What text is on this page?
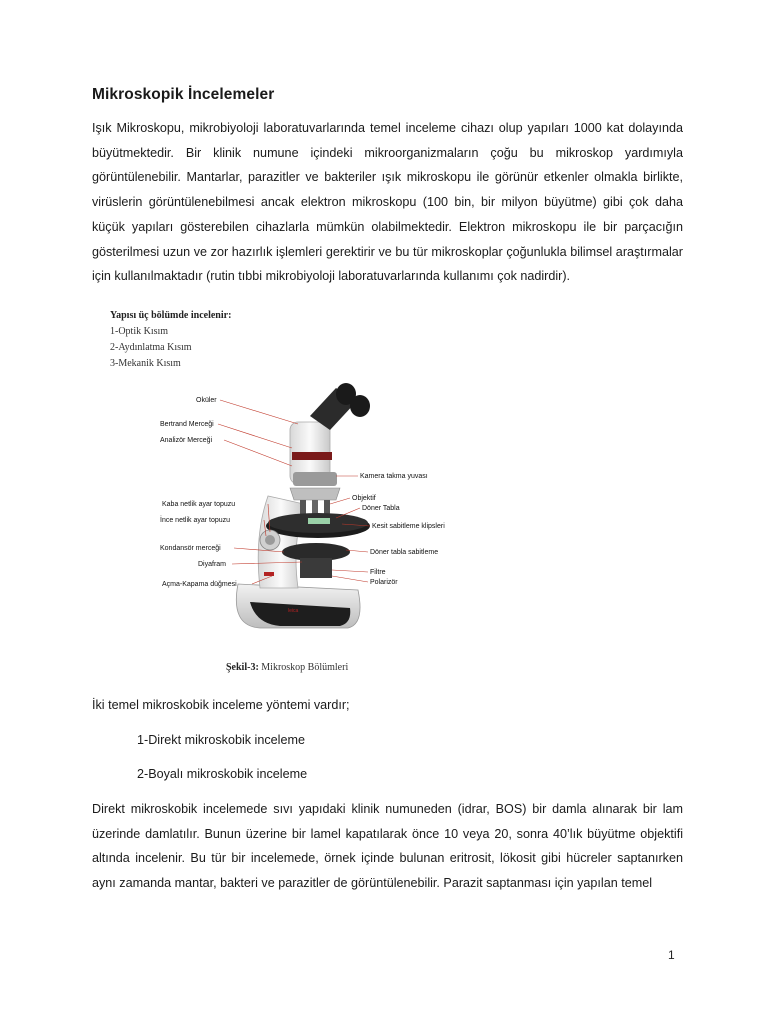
Mikroskopik İncelemeler

Işık Mikroskopu, mikrobiyoloji laboratuvarlarında temel inceleme cihazı olup yapıları 1000 kat dolayında büyütmektedir. Bir klinik numune içindeki mikroorganizmaların çoğu bu mikroskop yardımıyla görüntülenebilir. Mantarlar, parazitler ve bakteriler ışık mikroskopu ile görünür etkenler olmakla birlikte, virüslerin görüntülenebilmesi ancak elektron mikroskopu (100 bin, bir milyon büyütme) gibi çok daha küçük yapıları gösterebilen cihazlarla mümkün olabilmektedir. Elektron mikroskopu ile bir parçacığın gösterilmesi uzun ve zor hazırlık işlemleri gerektirir ve bu tür mikroskoplar çoğunlukla bilimsel araştırmalar için kullanılmaktadır (rutin tıbbi mikrobiyoloji laboratuvarlarında kullanımı çok nadirdir).

Yapısı üç bölümde incelenir:

1-Optik Kısım

2-Aydınlatma Kısım

3-Mekanik Kısım

leica
Oküler
Bertrand Merceği
Analizör Merceği
Kamera takma yuvası
Objektif
Döner Tabla
Kesit sabitleme klipsleri
Kaba netlik ayar topuzu
İnce netlik ayar topuzu
Kondansör merceği
Diyafram
Döner tabla sabitleme
Filtre
Açma-Kapama düğmesi	Polarizör

Şekil-3: Mikroskop Bölümleri

İki temel mikroskobik inceleme yöntemi vardır;

1-Direkt mikroskobik inceleme

2-Boyalı mikroskobik inceleme

Direkt mikroskobik incelemede sıvı yapıdaki klinik numuneden (idrar, BOS) bir damla alınarak bir lam üzerinde damlatılır. Bunun üzerine bir lamel kapatılarak önce 10 veya 20, sonra 40’lık büyütme objektifi altında incelenir. Bu tür bir incelemede, örnek içinde bulunan eritrosit, lökosit gibi hücreler saptanırken aynı zamanda mantar, bakteri ve parazitler de görüntülenebilir. Parazit saptanması için yapılan temel

1
